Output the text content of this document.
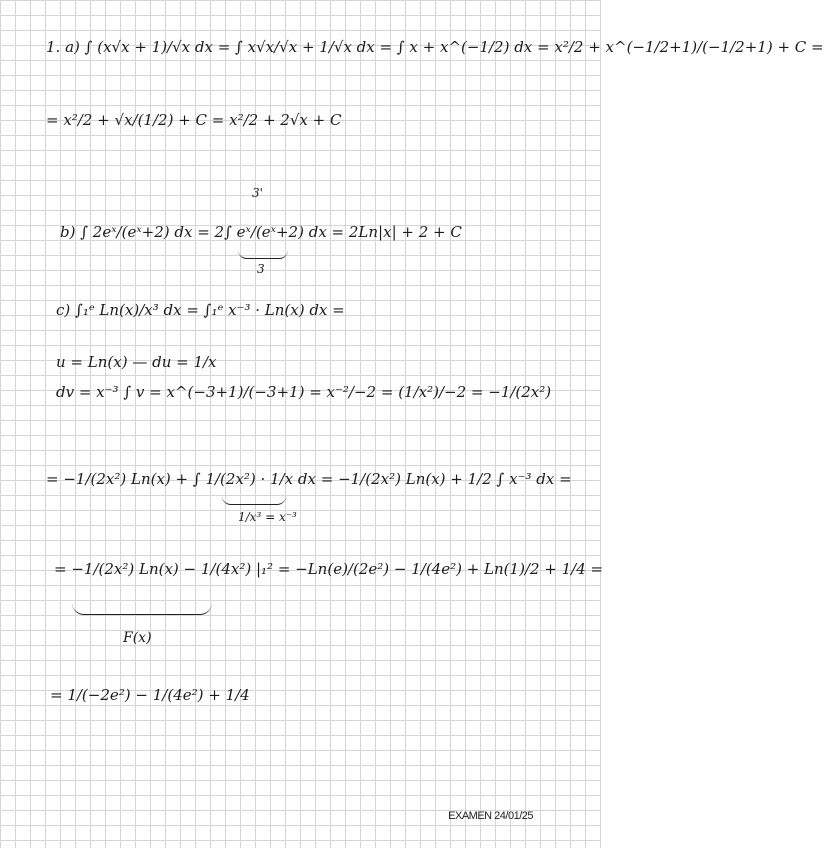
1. a) ∫ (x√x + 1)/√x dx = ∫ x√x/√x + 1/√x dx = ∫ x + x^(−1/2) dx = x²/2 + x^(−1/2+1)/(−1/2+1) + C =
= x²/2 + √x/(1/2) + C = x²/2 + 2√x + C
3'
b) ∫ 2eˣ/(eˣ+2) dx = 2∫ eˣ/(eˣ+2) dx = 2Ln|x| + 2 + C
3
c) ∫₁ᵉ Ln(x)/x³ dx = ∫₁ᵉ x⁻³ · Ln(x) dx =
u = Ln(x) — du = 1/x
dv = x⁻³ ∫ v = x^(−3+1)/(−3+1) = x⁻²/−2 = (1/x²)/−2 = −1/(2x²)
= −1/(2x²) Ln(x) + ∫ 1/(2x²) · 1/x dx = −1/(2x²) Ln(x) + 1/2 ∫ x⁻³ dx =
1/x³ = x⁻³
= −1/(2x²) Ln(x) − 1/(4x²) |₁² = −Ln(e)/(2e²) − 1/(4e²) + Ln(1)/2 + 1/4 =
F(x)
= 1/(−2e²) − 1/(4e²) + 1/4
EXAMEN 24/01/25
